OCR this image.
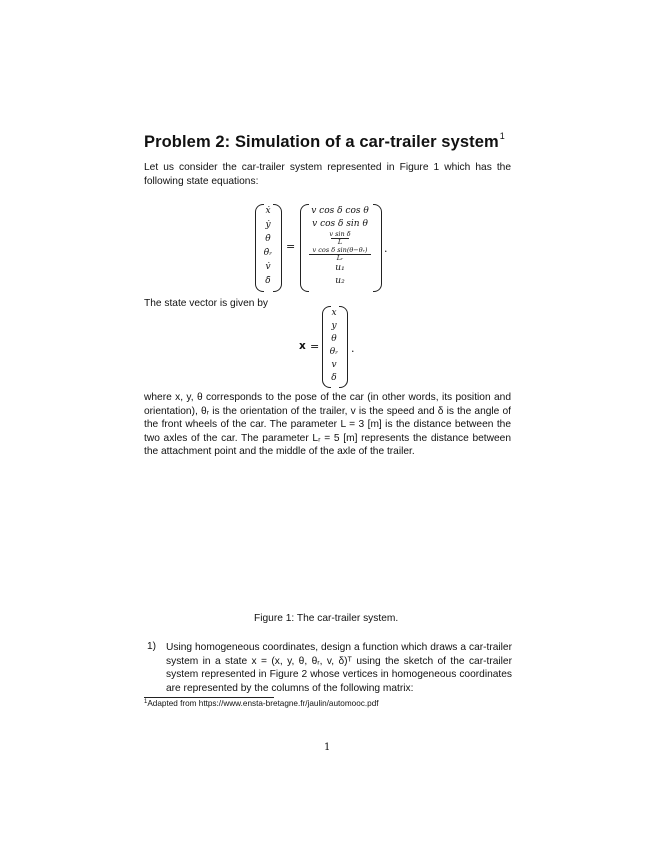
Problem 2: Simulation of a car-trailer system$^1$
Let us consider the car-trailer system represented in Figure 1 which has the following state equations:
ẋ
ẏ
θ̇
θ̇ᵣ
v̇
δ̇
=
v cos δ cos θ
v cos δ sin θ
v sin δ
L
v cos δ sin(θ−θᵣ)
Lᵣ
u₁
u₂
.
The state vector is given by
x =
x
y
θ
θᵣ
v
δ
.
where x, y, θ corresponds to the pose of the car (in other words, its position and orientation), θᵣ is the orientation of the trailer, v is the speed and δ is the angle of the front wheels of the car. The parameter L = 3 [m] is the distance between the two axles of the car. The parameter Lᵣ = 5 [m] represents the distance between the attachment point and the middle of the axle of the trailer.
Figure 1: The car-trailer system.
1) Using homogeneous coordinates, design a function which draws a car-trailer system in a state x = (x, y, θ, θᵣ, v, δ)ᵀ using the sketch of the car-trailer system represented in Figure 2 whose vertices in homogeneous coordinates are represented by the columns of the following matrix:
$^1$Adapted from https://www.ensta-bretagne.fr/jaulin/automooc.pdf
1
